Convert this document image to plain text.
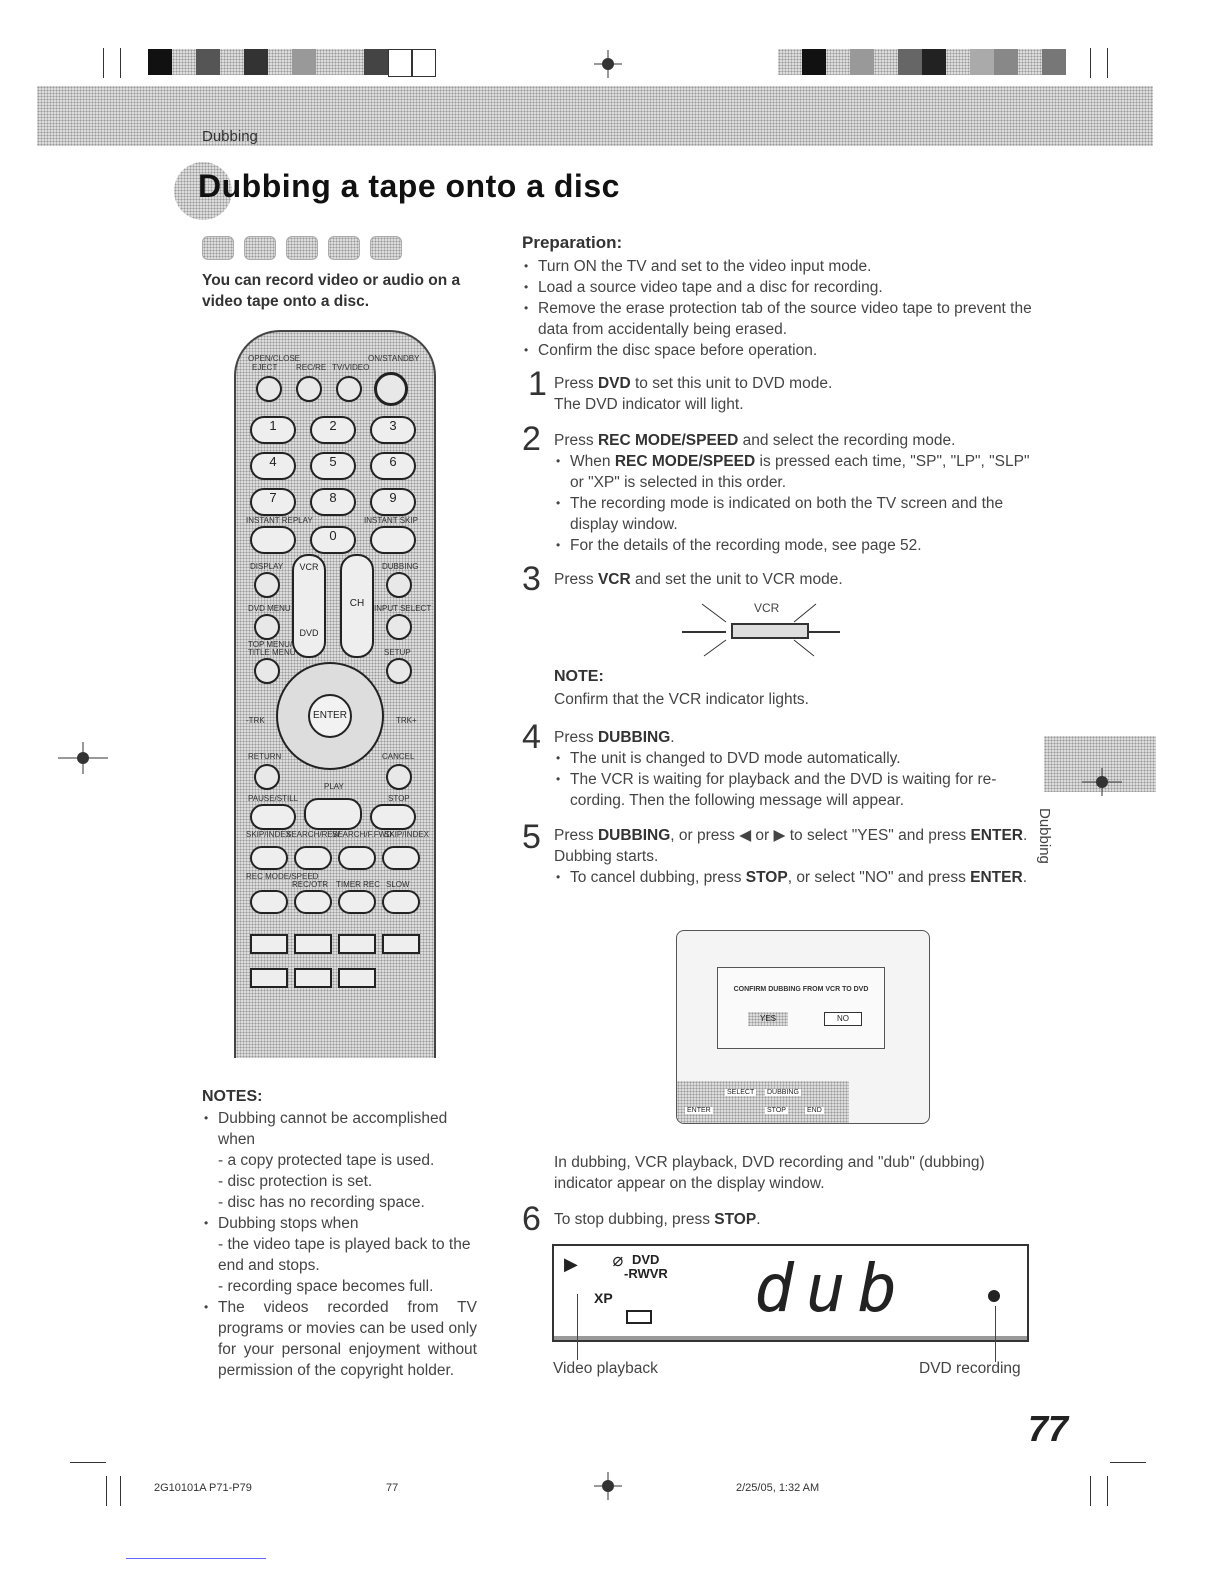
Dubbing
Dubbing a tape onto a disc
You can record video or audio on a video tape onto a disc.
OPEN/CLOSE
EJECT REC/RE TV/VIDEO
ON/STANDBY
1	2	3
4	5	6
7	8	9
INSTANT REPLAY	INSTANT SKIP
0
DISPLAY	DUBBING
VCR
DVD
CH
DVD MENU	INPUT SELECT
TOP MENU/
TITLE MENU	SETUP
ENTER
-TRK	TRK+
RETURN	CANCEL
PAUSE/STILL
PLAY
STOP
SKIP/INDEX
SEARCH/REW
SEARCH/F.FWD
SKIP/INDEX
REC MODE/SPEED
REC/OTR TIMER REC SLOW
NOTES:
• Dubbing cannot be accomplished when
- a copy protected tape is used.
- disc protection is set.
- disc has no recording space.
• Dubbing stops when
- the video tape is played back to the end and stops.
- recording space becomes full.
• The videos recorded from TV programs or movies can be used only for your personal enjoyment without permission of the copyright holder.
Preparation:
• Turn ON the TV and set to the video input mode.
• Load a source video tape and a disc for recording.
• Remove the erase protection tab of the source video tape to prevent the data from accidentally being erased.
• Confirm the disc space before operation.
1 Press DVD to set this unit to DVD mode.
The DVD indicator will light.
2 Press REC MODE/SPEED and select the recording mode.
• When REC MODE/SPEED is pressed each time, "SP", "LP", "SLP" or "XP" is selected in this order.
• The recording mode is indicated on both the TV screen and the display window.
• For the details of the recording mode, see page 52.
3 Press VCR and set the unit to VCR mode.
VCR
NOTE:
Confirm that the VCR indicator lights.
4 Press DUBBING.
• The unit is changed to DVD mode automatically.
• The VCR is waiting for playback and the DVD is waiting for re-cording. Then the following message will appear.
5 Press DUBBING, or press ◀ or ▶ to select "YES" and press ENTER.
Dubbing starts.
• To cancel dubbing, press STOP, or select "NO" and press ENTER.
CONFIRM DUBBING FROM VCR TO DVD
YES	NO
ENTER
SELECT DUBBING
STOP	END
In dubbing, VCR playback, DVD recording and "dub" (dubbing) indicator appear on the display window.
6 To stop dubbing, press STOP.
▶ ⌀ DVD
-RWVR
XP dub
Video playback	DVD recording
Dubbing
77
2G10101A P71-P79	77	2/25/05, 1:32 AM
